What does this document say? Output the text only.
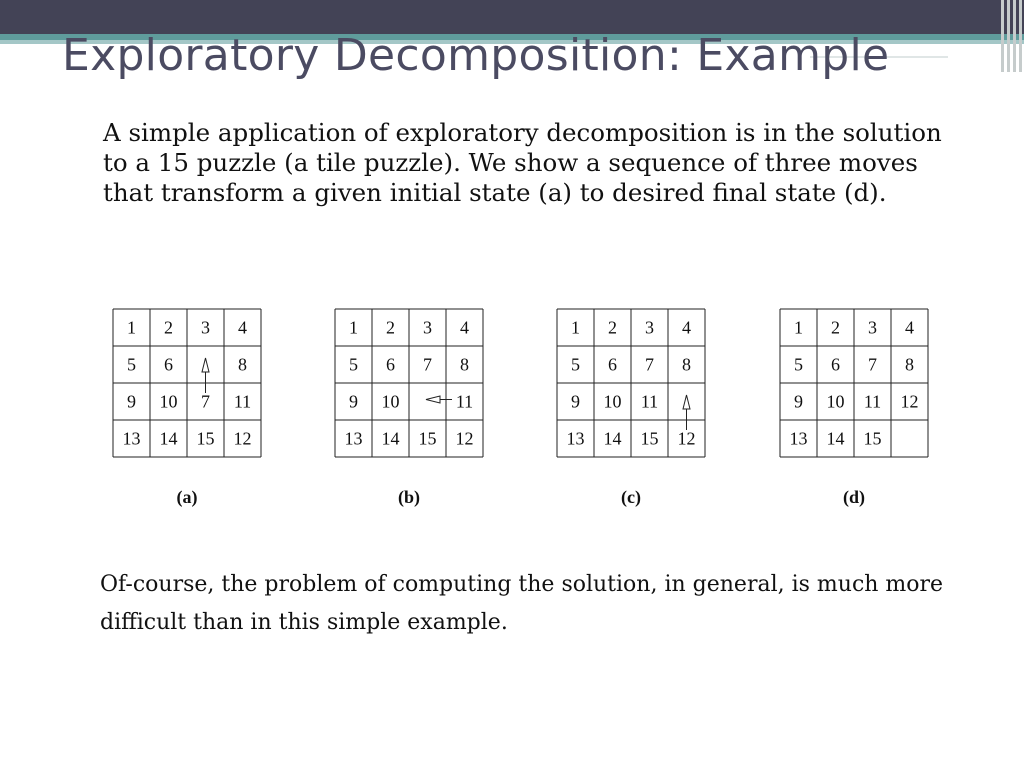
Exploratory Decomposition: Example

A simple application of exploratory decomposition is in the solution to a 15 puzzle (a tile puzzle). We show a sequence of three moves that transform a given initial state (a) to desired final state (d).

1 2 3 4
5 6	8
9 10 7 11
13 14 15 12
(a)
1 2 3 4
5 6 7 8
9 10	11
13 14 15 12
(b)
1 2 3 4
5 6 7 8
9 10 11
13 14 15 12
(c)
1 2 3 4
5 6 7 8
9 10 11 12
13 14 15
(d)

Of-course, the problem of computing the solution, in general, is much more difficult than in this simple example.
